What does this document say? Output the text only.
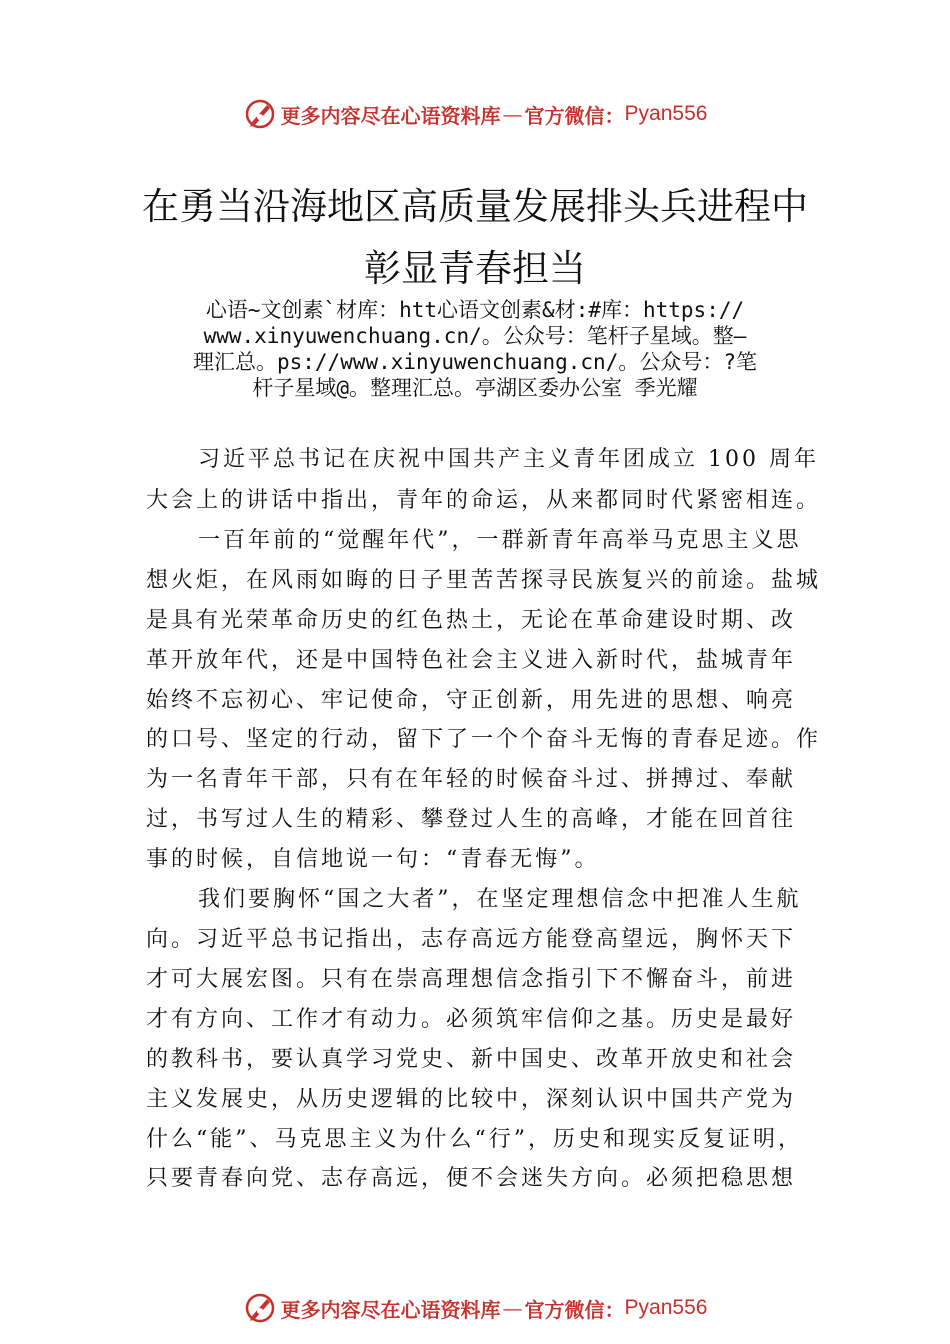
更多内容尽在心语资料库 — 官方微信： Pyan556
在勇当沿海地区高质量发展排头兵进程中
彰显青春担当
心语~文创素`材库：htt心语文创素&材:#库：https://
www.xinyuwenchuang.cn/。公众号：笔杆子星域。整—
理汇总。ps://www.xinyuwenchuang.cn/。公众号：?笔
杆子星域@。整理汇总。亭湖区委办公室 季光耀
习近平总书记在庆祝中国共产主义青年团成立 100 周年
大会上的讲话中指出，青年的命运，从来都同时代紧密相连。
一百年前的“觉醒年代”，一群新青年高举马克思主义思
想火炬，在风雨如晦的日子里苦苦探寻民族复兴的前途。盐城
是具有光荣革命历史的红色热土，无论在革命建设时期、改
革开放年代，还是中国特色社会主义进入新时代，盐城青年
始终不忘初心、牢记使命，守正创新，用先进的思想、响亮
的口号、坚定的行动，留下了一个个奋斗无悔的青春足迹。作
为一名青年干部，只有在年轻的时候奋斗过、拼搏过、奉献
过，书写过人生的精彩、攀登过人生的高峰，才能在回首往
事的时候，自信地说一句：“青春无悔”。
我们要胸怀“国之大者”，在坚定理想信念中把准人生航
向。习近平总书记指出，志存高远方能登高望远，胸怀天下
才可大展宏图。只有在崇高理想信念指引下不懈奋斗，前进
才有方向、工作才有动力。必须筑牢信仰之基。历史是最好
的教科书，要认真学习党史、新中国史、改革开放史和社会
主义发展史，从历史逻辑的比较中，深刻认识中国共产党为
什么“能”、马克思主义为什么“行”，历史和现实反复证明，
只要青春向党、志存高远，便不会迷失方向。必须把稳思想
更多内容尽在心语资料库 — 官方微信： Pyan556
